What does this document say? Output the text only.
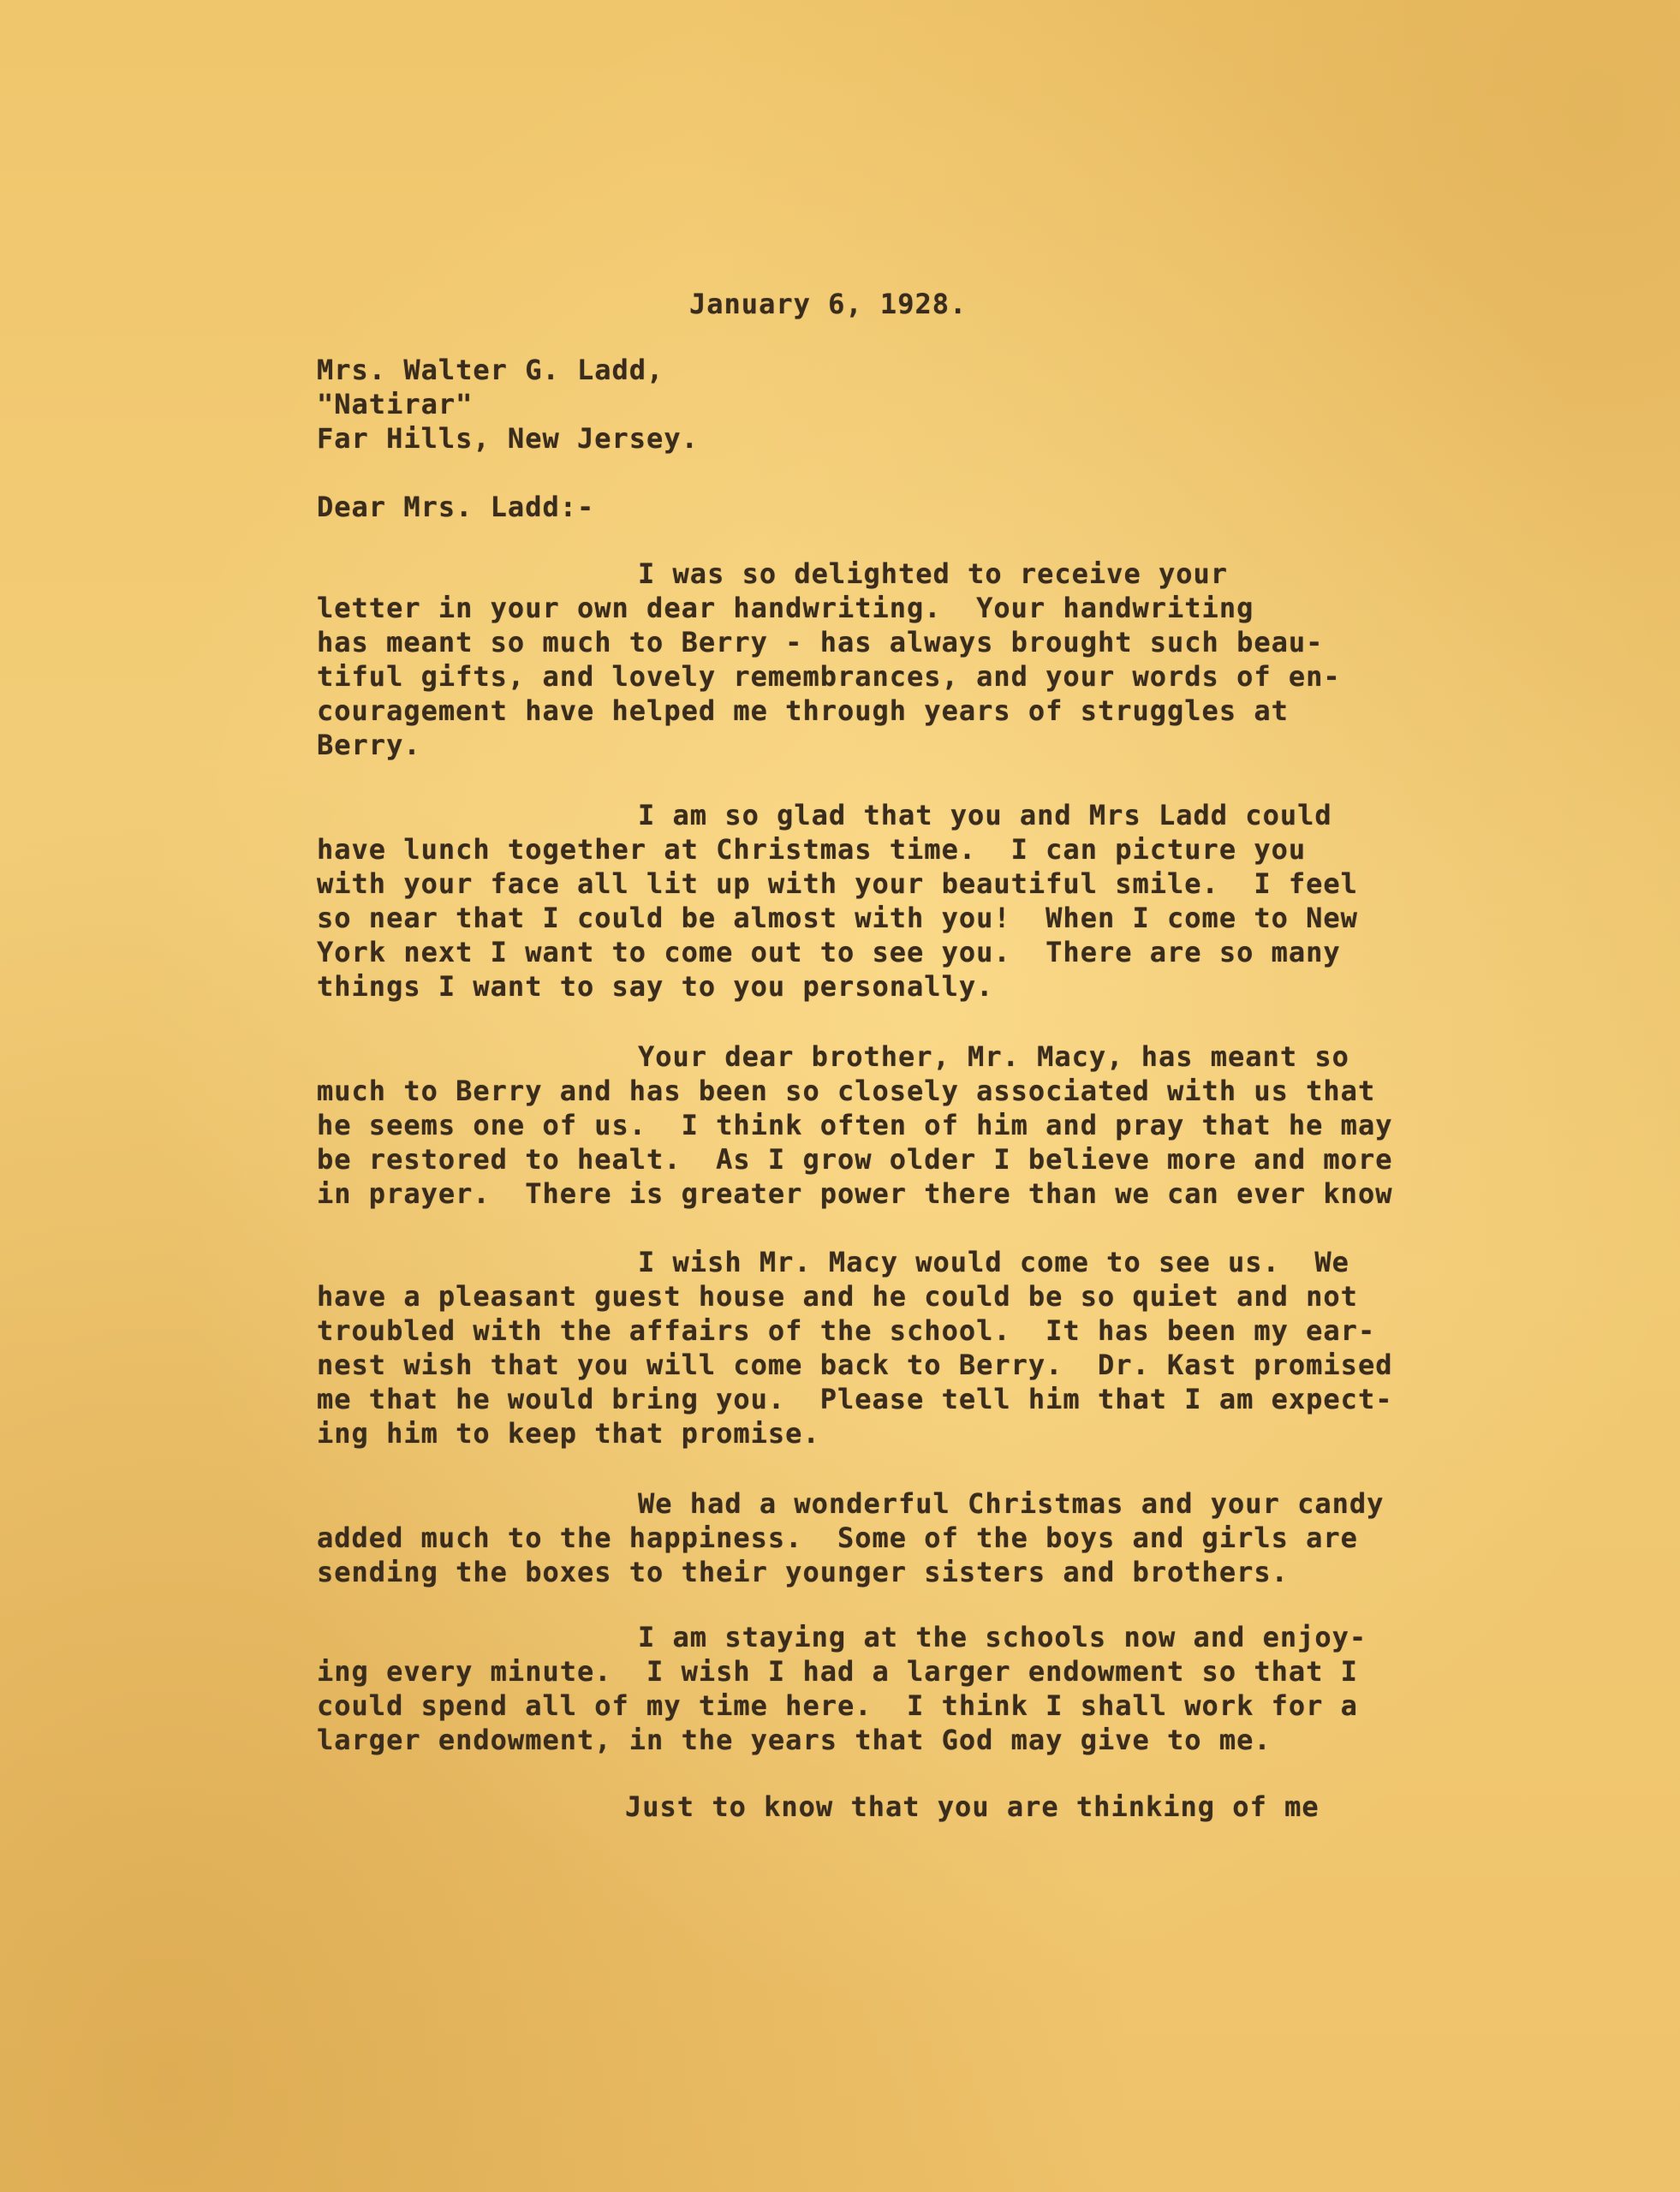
January 6, 1928.
Mrs. Walter G. Ladd,
"Natirar"
Far Hills, New Jersey.
Dear Mrs. Ladd:-
I was so delighted to receive your
letter in your own dear handwriting.  Your handwriting
has meant so much to Berry - has always brought such beau-
tiful gifts, and lovely remembrances, and your words of en-
couragement have helped me through years of struggles at
Berry.
I am so glad that you and Mrs Ladd could
have lunch together at Christmas time.  I can picture you
with your face all lit up with your beautiful smile.  I feel
so near that I could be almost with you!  When I come to New
York next I want to come out to see you.  There are so many
things I want to say to you personally.
Your dear brother, Mr. Macy, has meant so
much to Berry and has been so closely associated with us that
he seems one of us.  I think often of him and pray that he may
be restored to healt.  As I grow older I believe more and more
in prayer.  There is greater power there than we can ever know
I wish Mr. Macy would come to see us.  We
have a pleasant guest house and he could be so quiet and not
troubled with the affairs of the school.  It has been my ear-
nest wish that you will come back to Berry.  Dr. Kast promised
me that he would bring you.  Please tell him that I am expect-
ing him to keep that promise.
We had a wonderful Christmas and your candy
added much to the happiness.  Some of the boys and girls are
sending the boxes to their younger sisters and brothers.
I am staying at the schools now and enjoy-
ing every minute.  I wish I had a larger endowment so that I
could spend all of my time here.  I think I shall work for a
larger endowment, in the years that God may give to me.
Just to know that you are thinking of me
